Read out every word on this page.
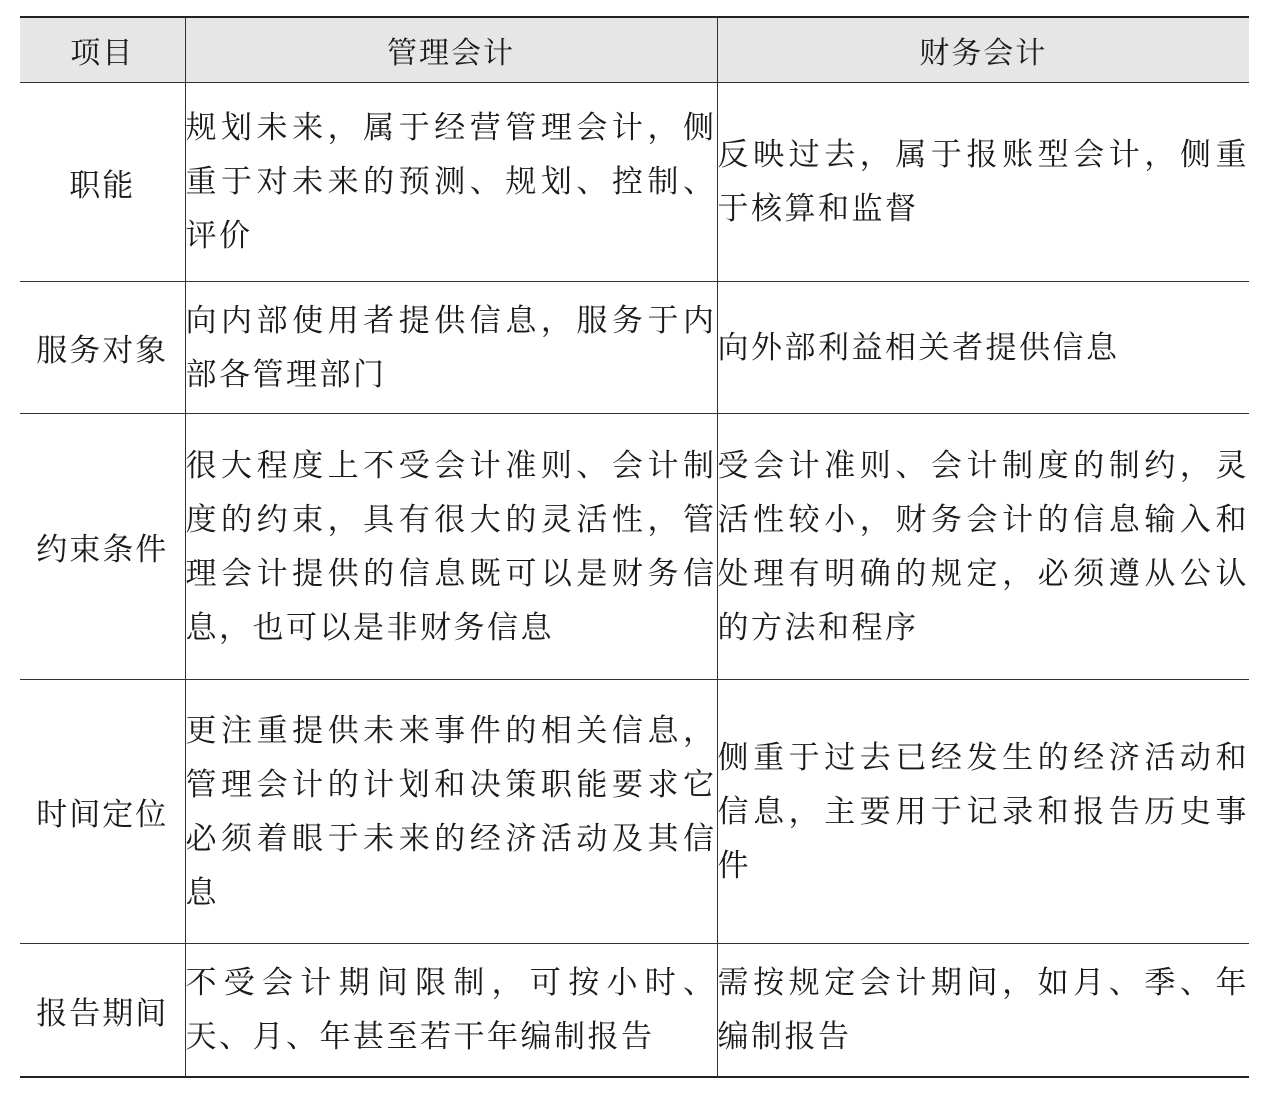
项目	管理会计	财务会计
职能	规划未来，属于经营管理会计，侧重于对未来的预测、规划、控制、评价	反映过去，属于报账型会计，侧重于核算和监督
服务对象	向内部使用者提供信息，服务于内部各管理部门	向外部利益相关者提供信息
约束条件	很大程度上不受会计准则、会计制度的约束，具有很大的灵活性，管理会计提供的信息既可以是财务信息，也可以是非财务信息	受会计准则、会计制度的制约，灵活性较小，财务会计的信息输入和处理有明确的规定，必须遵从公认的方法和程序
时间定位	更注重提供未来事件的相关信息，管理会计的计划和决策职能要求它必须着眼于未来的经济活动及其信息	侧重于过去已经发生的经济活动和信息，主要用于记录和报告历史事件
报告期间	不受会计期间限制，可按小时、天、月、年甚至若干年编制报告	需按规定会计期间，如月、季、年编制报告
